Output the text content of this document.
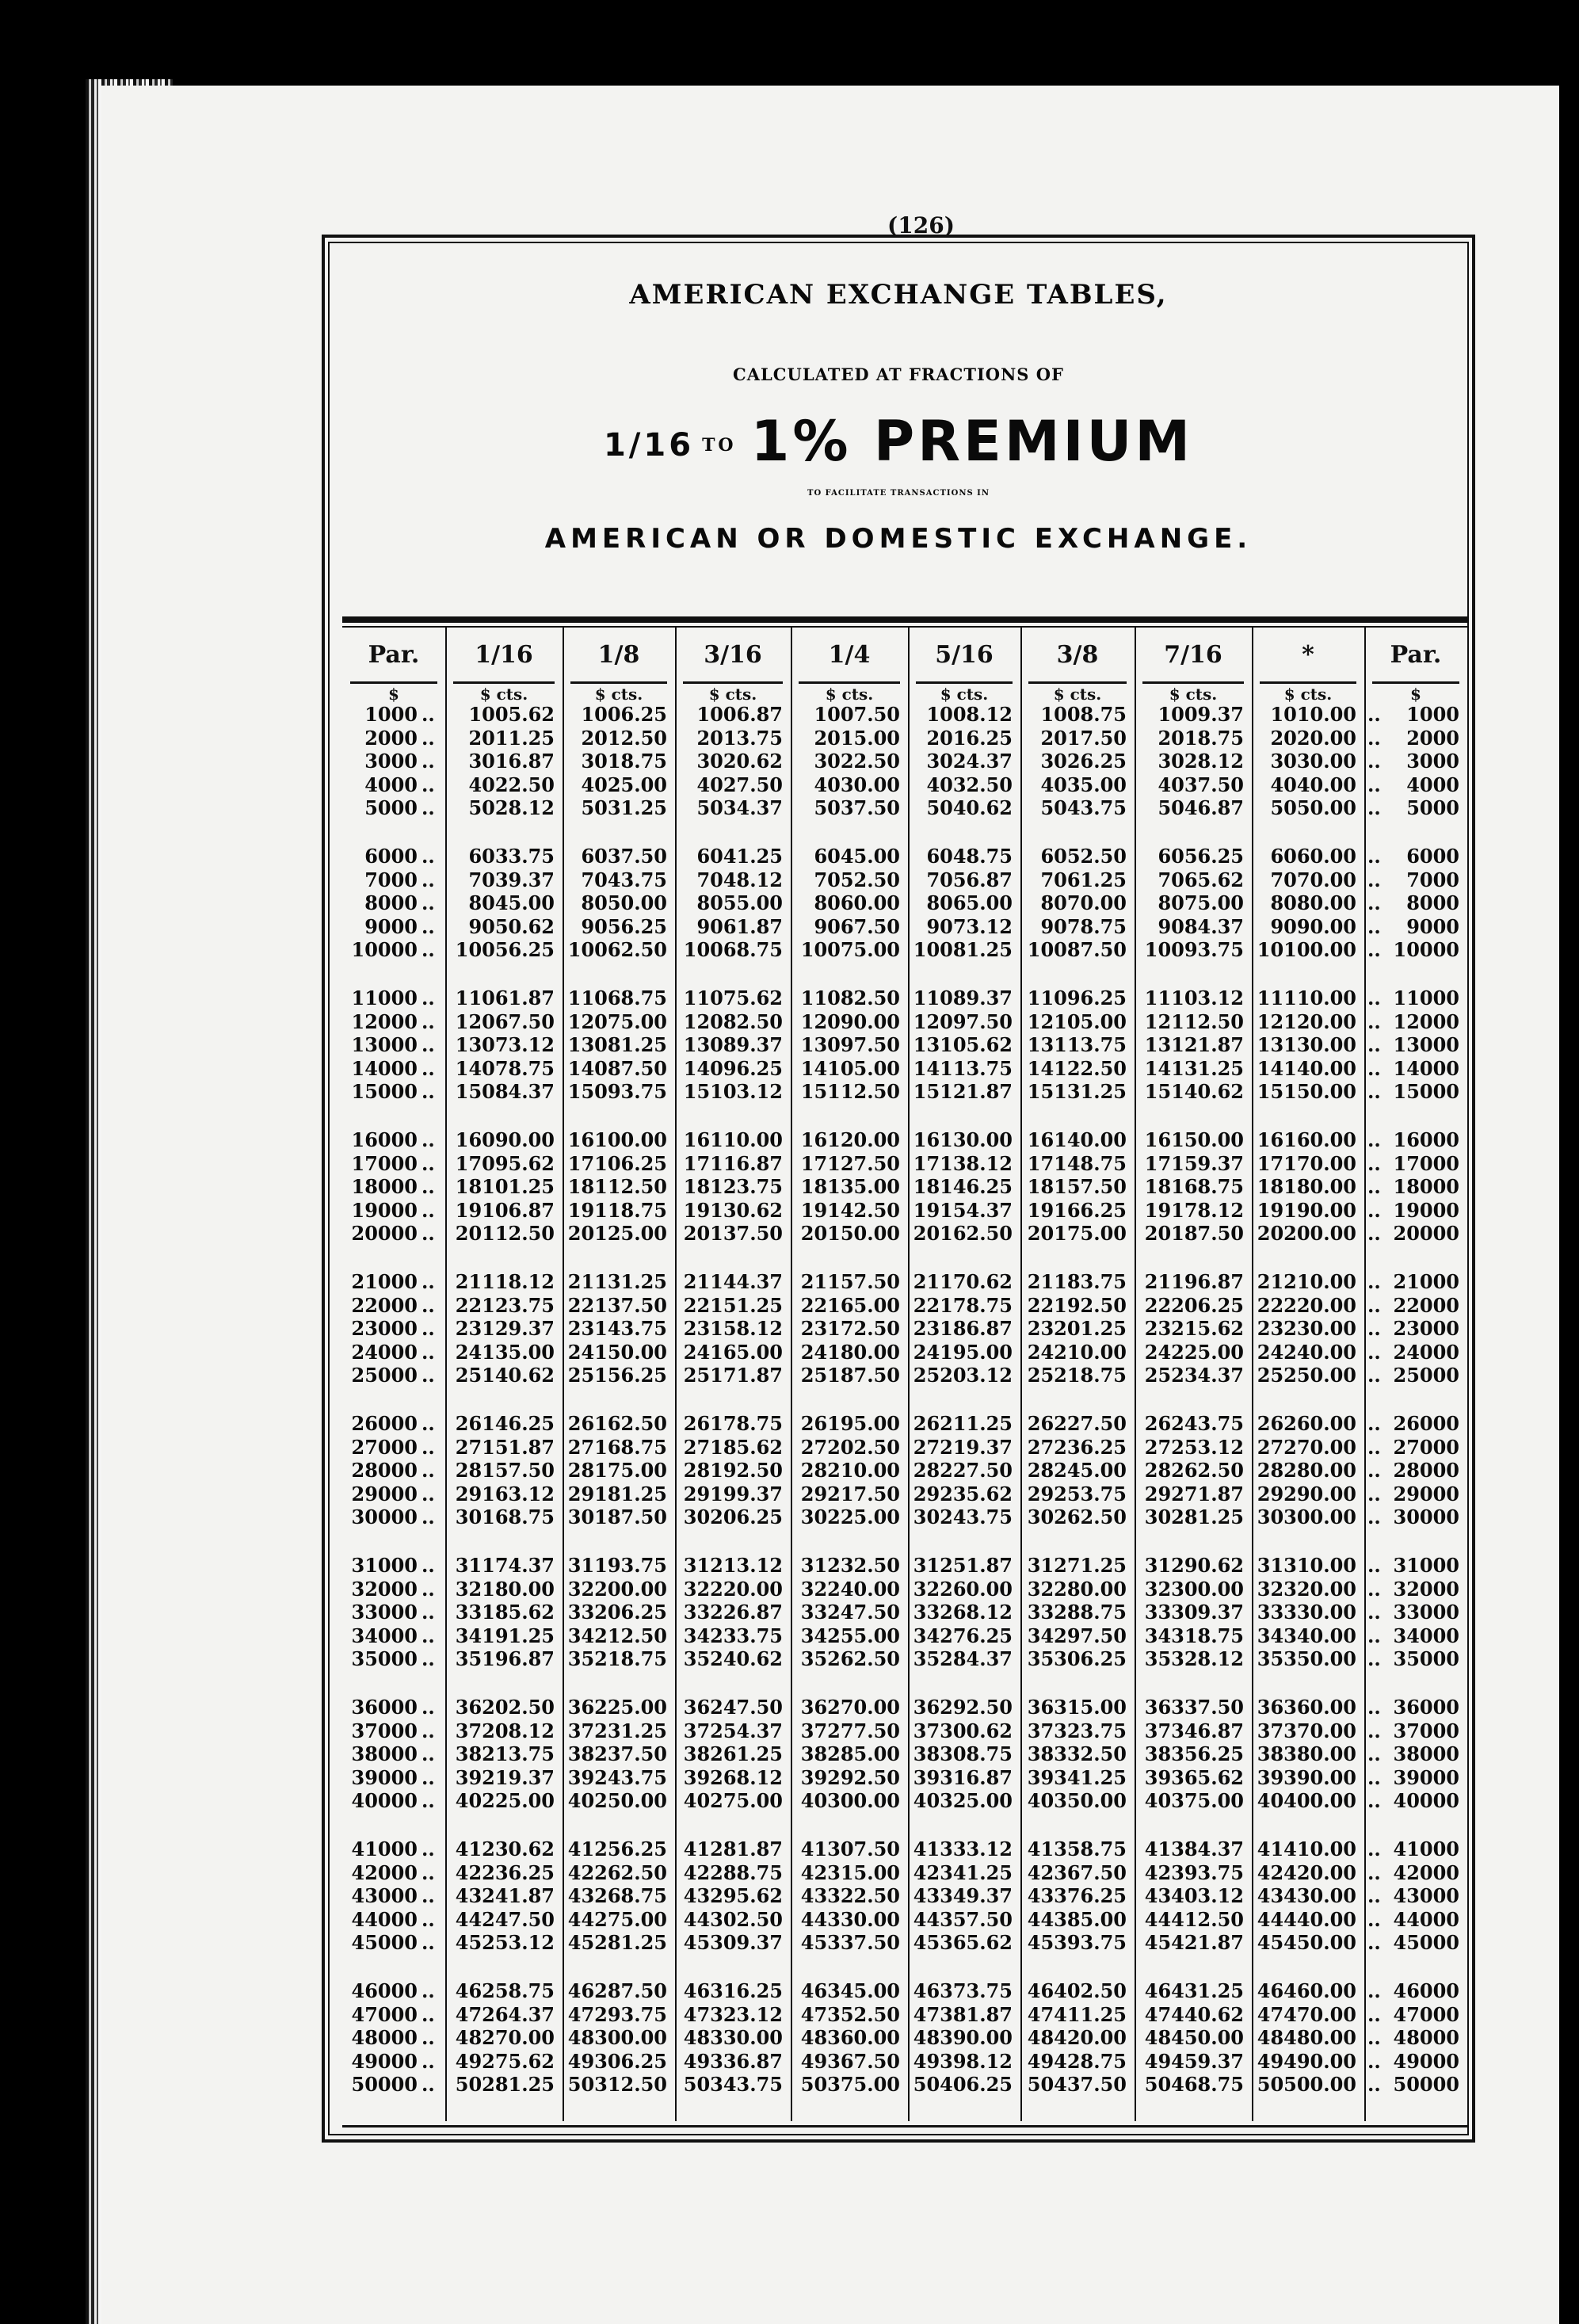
(126)
AMERICAN EXCHANGE TABLES,
CALCULATED AT FRACTIONS OF
1/16 TO 1% PREMIUM
TO FACILITATE TRANSACTIONS IN
AMERICAN OR DOMESTIC EXCHANGE.
Par.	1/16	1/8	3/16	1/4	5/16	3/8	7/16	*	Par.
$	$ cts.	$ cts.	$ cts.	$ cts.	$ cts.	$ cts.	$ cts.	$ cts.	$
1000	1005.62	1006.25	1006.87	1007.50	1008.12	1008.75	1009.37	1010.00	1000
..	..
2000	2011.25	2012.50	2013.75	2015.00	2016.25	2017.50	2018.75	2020.00	2000
..	..
3000	3016.87	3018.75	3020.62	3022.50	3024.37	3026.25	3028.12	3030.00	3000
..	..
4000	4022.50	4025.00	4027.50	4030.00	4032.50	4035.00	4037.50	4040.00	4000
..	..
5000	5028.12	5031.25	5034.37	5037.50	5040.62	5043.75	5046.87	5050.00	5000
..	..
6000	6033.75	6037.50	6041.25	6045.00	6048.75	6052.50	6056.25	6060.00	6000
..	..
7000	7039.37	7043.75	7048.12	7052.50	7056.87	7061.25	7065.62	7070.00	7000
..	..
8000	8045.00	8050.00	8055.00	8060.00	8065.00	8070.00	8075.00	8080.00	8000
..	..
9000	9050.62	9056.25	9061.87	9067.50	9073.12	9078.75	9084.37	9090.00	9000
..	..
10000	10056.25 10062.50 10068.75 10075.00 10081.25 10087.50 10093.75 10100.00	10000
..	..
11000	11061.87 11068.75 11075.62 11082.50 11089.37 11096.25 11103.12 11110.00	11000
..	..
12000	12067.50 12075.00 12082.50 12090.00 12097.50 12105.00 12112.50 12120.00	12000
..	..
13000	13073.12 13081.25 13089.37 13097.50 13105.62 13113.75 13121.87 13130.00	13000
..	..
14000	14078.75 14087.50 14096.25 14105.00 14113.75 14122.50 14131.25 14140.00	14000
..	..
15000	15084.37 15093.75 15103.12 15112.50 15121.87 15131.25 15140.62 15150.00	15000
..	..
16000	16090.00 16100.00 16110.00 16120.00 16130.00 16140.00 16150.00 16160.00	16000
..	..
17000	17095.62 17106.25 17116.87 17127.50 17138.12 17148.75 17159.37 17170.00	17000
..	..
18000	18101.25 18112.50 18123.75 18135.00 18146.25 18157.50 18168.75 18180.00	18000
..	..
19000	19106.87 19118.75 19130.62 19142.50 19154.37 19166.25 19178.12 19190.00	19000
..	..
20000	20112.50 20125.00 20137.50 20150.00 20162.50 20175.00 20187.50 20200.00	20000
..	..
21000	21118.12 21131.25 21144.37 21157.50 21170.62 21183.75 21196.87 21210.00	21000
..	..
22000	22123.75 22137.50 22151.25 22165.00 22178.75 22192.50 22206.25 22220.00	22000
..	..
23000	23129.37 23143.75 23158.12 23172.50 23186.87 23201.25 23215.62 23230.00	23000
..	..
24000	24135.00 24150.00 24165.00 24180.00 24195.00 24210.00 24225.00 24240.00	24000
..	..
25000	25140.62 25156.25 25171.87 25187.50 25203.12 25218.75 25234.37 25250.00	25000
..	..
26000	26146.25 26162.50 26178.75 26195.00 26211.25 26227.50 26243.75 26260.00	26000
..	..
27000	27151.87 27168.75 27185.62 27202.50 27219.37 27236.25 27253.12 27270.00	27000
..	..
28000	28157.50 28175.00 28192.50 28210.00 28227.50 28245.00 28262.50 28280.00	28000
..	..
29000	29163.12 29181.25 29199.37 29217.50 29235.62 29253.75 29271.87 29290.00	29000
..	..
30000	30168.75 30187.50 30206.25 30225.00 30243.75 30262.50 30281.25 30300.00	30000
..	..
31000	31174.37 31193.75 31213.12 31232.50 31251.87 31271.25 31290.62 31310.00	31000
..	..
32000	32180.00 32200.00 32220.00 32240.00 32260.00 32280.00 32300.00 32320.00	32000
..	..
33000	33185.62 33206.25 33226.87 33247.50 33268.12 33288.75 33309.37 33330.00	33000
..	..
34000	34191.25 34212.50 34233.75 34255.00 34276.25 34297.50 34318.75 34340.00	34000
..	..
35000	35196.87 35218.75 35240.62 35262.50 35284.37 35306.25 35328.12 35350.00	35000
..	..
36000	36202.50 36225.00 36247.50 36270.00 36292.50 36315.00 36337.50 36360.00	36000
..	..
37000	37208.12 37231.25 37254.37 37277.50 37300.62 37323.75 37346.87 37370.00	37000
..	..
38000	38213.75 38237.50 38261.25 38285.00 38308.75 38332.50 38356.25 38380.00	38000
..	..
39000	39219.37 39243.75 39268.12 39292.50 39316.87 39341.25 39365.62 39390.00	39000
..	..
40000	40225.00 40250.00 40275.00 40300.00 40325.00 40350.00 40375.00 40400.00	40000
..	..
41000	41230.62 41256.25 41281.87 41307.50 41333.12 41358.75 41384.37 41410.00	41000
..	..
42000	42236.25 42262.50 42288.75 42315.00 42341.25 42367.50 42393.75 42420.00	42000
..	..
43000	43241.87 43268.75 43295.62 43322.50 43349.37 43376.25 43403.12 43430.00	43000
..	..
44000	44247.50 44275.00 44302.50 44330.00 44357.50 44385.00 44412.50 44440.00	44000
..	..
45000	45253.12 45281.25 45309.37 45337.50 45365.62 45393.75 45421.87 45450.00	45000
..	..
46000	46258.75 46287.50 46316.25 46345.00 46373.75 46402.50 46431.25 46460.00	46000
..	..
47000	47264.37 47293.75 47323.12 47352.50 47381.87 47411.25 47440.62 47470.00	47000
..	..
48000	48270.00 48300.00 48330.00 48360.00 48390.00 48420.00 48450.00 48480.00	48000
..	..
49000	49275.62 49306.25 49336.87 49367.50 49398.12 49428.75 49459.37 49490.00	49000
..	..
50000	50281.25 50312.50 50343.75 50375.00 50406.25 50437.50 50468.75 50500.00	50000
..	..
